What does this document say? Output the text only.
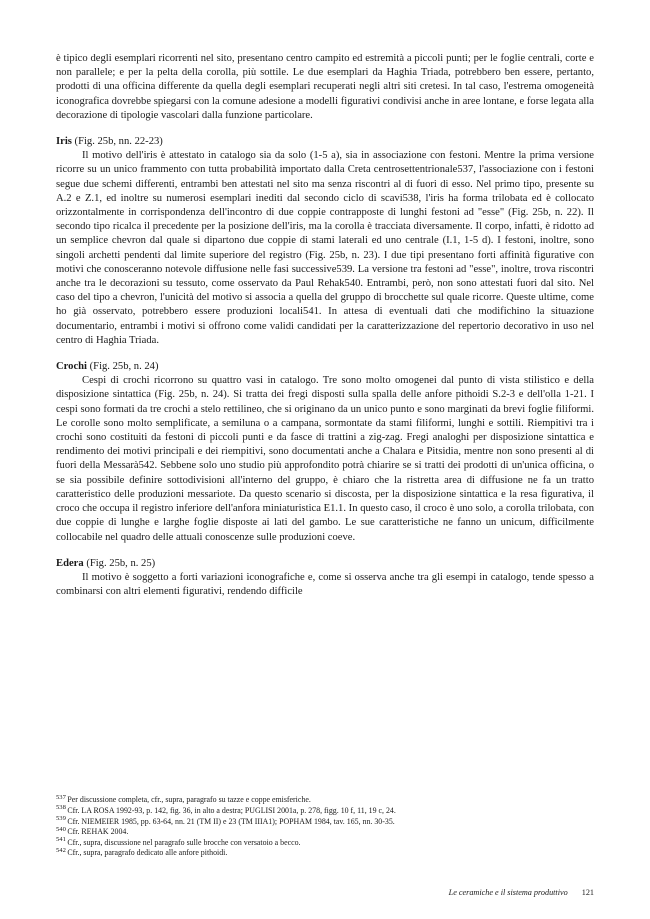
è tipico degli esemplari ricorrenti nel sito, presentano centro campito ed estremità a piccoli punti; per le foglie centrali, corte e non parallele; e per la pelta della corolla, più sottile. Le due esemplari da Haghia Triada, potrebbero ben essere, pertanto, prodotti di una officina differente da quella degli esemplari recuperati negli altri siti cretesi. In tal caso, l'estrema omogeneità iconografica dovrebbe spiegarsi con la comune adesione a modelli figurativi condivisi anche in aree lontane, e forse legata alla decorazione di tipologie vascolari dalla funzione particolare.

Iris (Fig. 25b, nn. 22-23)

Il motivo dell'iris è attestato in catalogo sia da solo (1-5 a), sia in associazione con festoni. Mentre la prima versione ricorre su un unico frammento con tutta probabilità importato dalla Creta centrosettentrionale537, l'associazione con i festoni segue due schemi differenti, entrambi ben attestati nel sito ma senza riscontri al di fuori di esso. Nel primo tipo, presente su A.2 e Z.1, ed inoltre su numerosi esemplari inediti dal secondo ciclo di scavi538, l'iris ha forma trilobata ed è collocato orizzontalmente in corrispondenza dell'incontro di due coppie contrapposte di lunghi festoni ad "esse" (Fig. 25b, n. 22). Il secondo tipo ricalca il precedente per la posizione dell'iris, ma la corolla è tracciata diversamente. Il corpo, infatti, è ridotto ad un semplice chevron dal quale si dipartono due coppie di stami laterali ed uno centrale (I.1, 1-5 d). I festoni, inoltre, sono singoli archetti pendenti dal limite superiore del registro (Fig. 25b, n. 23). I due tipi presentano forti affinità figurative con motivi che conosceranno notevole diffusione nelle fasi successive539. La versione tra festoni ad "esse", inoltre, trova riscontri anche tra le decorazioni su tessuto, come osservato da Paul Rehak540. Entrambi, però, non sono attestati fuori dal sito. Nel caso del tipo a chevron, l'unicità del motivo si associa a quella del gruppo di brocchette sul quale ricorre. Queste ultime, come ho già osservato, potrebbero essere produzioni locali541. In attesa di eventuali dati che modifichino la situazione documentario, entrambi i motivi si offrono come validi candidati per la caratterizzazione del repertorio decorativo in uso nel centro di Haghia Triada.

Crochi (Fig. 25b, n. 24)

Cespi di crochi ricorrono su quattro vasi in catalogo. Tre sono molto omogenei dal punto di vista stilistico e della disposizione sintattica (Fig. 25b, n. 24). Si tratta dei fregi disposti sulla spalla delle anfore pithoidi S.2-3 e dell'olla 1-21. I cespi sono formati da tre crochi a stelo rettilineo, che si originano da un unico punto e sono marginati da brevi foglie filiformi. Le corolle sono molto semplificate, a semiluna o a campana, sormontate da stami filiformi, lunghi e sottili. Riempitivi tra i crochi sono costituiti da festoni di piccoli punti e da fasce di trattini a zig-zag. Fregi analoghi per disposizione sintattica e rendimento dei motivi principali e dei riempitivi, sono documentati anche a Chalara e Pitsidia, mentre non sono presenti al di fuori della Messarà542. Sebbene solo uno studio più approfondito potrà chiarire se si tratti dei prodotti di un'unica officina, o se sia possibile definire sottodivisioni all'interno del gruppo, è chiaro che la ristretta area di diffusione ne fa un tratto caratteristico delle produzioni messariote. Da questo scenario si discosta, per la disposizione sintattica e la resa figurativa, il croco che occupa il registro inferiore dell'anfora miniaturistica E1.1. In questo caso, il croco è uno solo, a corolla trilobata, con due coppie di lunghe e larghe foglie disposte ai lati del gambo. Le sue caratteristiche ne fanno un unicum, difficilmente collocabile nel quadro delle attuali conoscenze sulle produzioni coeve.

Edera (Fig. 25b, n. 25)

Il motivo è soggetto a forti variazioni iconografiche e, come si osserva anche tra gli esempi in catalogo, tende spesso a combinarsi con altri elementi figurativi, rendendo difficile

$^{537}$ Per discussione completa, cfr., supra, paragrafo su tazze e coppe emisferiche.

$^{538}$ Cfr. LA ROSA 1992-93, p. 142, fig. 36, in alto a destra; PUGLISI 2001a, p. 278, figg. 10 f, 11, 19 c, 24.

$^{539}$ Cfr. NIEMEIER 1985, pp. 63-64, nn. 21 (TM II) e 23 (TM IIIA1); POPHAM 1984, tav. 165, nn. 30-35.

$^{540}$ Cfr. REHAK 2004.

$^{541}$ Cfr., supra, discussione nel paragrafo sulle brocche con versatoio a becco.

$^{542}$ Cfr., supra, paragrafo dedicato alle anfore pithoidi.

Le ceramiche e il sistema produttivo 121
